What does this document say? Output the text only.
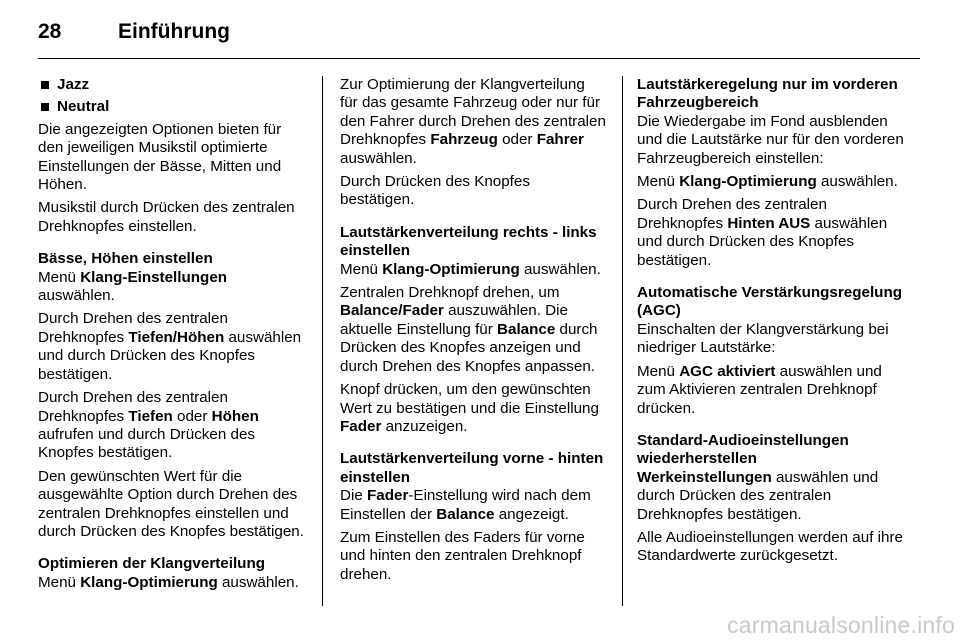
28	Einführung
Jazz
Neutral

Die angezeigten Optionen bieten für den jeweiligen Musikstil optimierte Einstellungen der Bässe, Mitten und Höhen.

Musikstil durch Drücken des zentralen Drehknopfes einstellen.

Bässe, Höhen einstellen

Menü Klang-Einstellungen auswählen.

Durch Drehen des zentralen Drehknopfes Tiefen/Höhen auswählen und durch Drücken des Knopfes bestätigen.

Durch Drehen des zentralen Drehknopfes Tiefen oder Höhen aufrufen und durch Drücken des Knopfes bestätigen.

Den gewünschten Wert für die ausgewählte Option durch Drehen des zentralen Drehknopfes einstellen und durch Drücken des Knopfes bestätigen.

Optimieren der Klangverteilung

Menü Klang-Optimierung auswählen.

Zur Optimierung der Klangverteilung für das gesamte Fahrzeug oder nur für den Fahrer durch Drehen des zentralen Drehknopfes Fahrzeug oder Fahrer auswählen.

Durch Drücken des Knopfes bestätigen.

Lautstärkenverteilung rechts - links einstellen

Menü Klang-Optimierung auswählen.

Zentralen Drehknopf drehen, um Balance/Fader auszuwählen. Die aktuelle Einstellung für Balance durch Drücken des Knopfes anzeigen und durch Drehen des Knopfes anpassen.

Knopf drücken, um den gewünschten Wert zu bestätigen und die Einstellung Fader anzuzeigen.

Lautstärkenverteilung vorne - hinten einstellen

Die Fader-Einstellung wird nach dem Einstellen der Balance angezeigt.

Zum Einstellen des Faders für vorne und hinten den zentralen Drehknopf drehen.

Lautstärkeregelung nur im vorderen Fahrzeugbereich

Die Wiedergabe im Fond ausblenden und die Lautstärke nur für den vorderen Fahrzeugbereich einstellen:

Menü Klang-Optimierung auswählen.

Durch Drehen des zentralen Drehknopfes Hinten AUS auswählen und durch Drücken des Knopfes bestätigen.

Automatische Verstärkungsregelung (AGC)

Einschalten der Klangverstärkung bei niedriger Lautstärke:

Menü AGC aktiviert auswählen und zum Aktivieren zentralen Drehknopf drücken.

Standard-Audioeinstellungen wiederherstellen

Werkeinstellungen auswählen und durch Drücken des zentralen Drehknopfes bestätigen.

Alle Audioeinstellungen werden auf ihre Standardwerte zurückgesetzt.

carmanualsonline.info
